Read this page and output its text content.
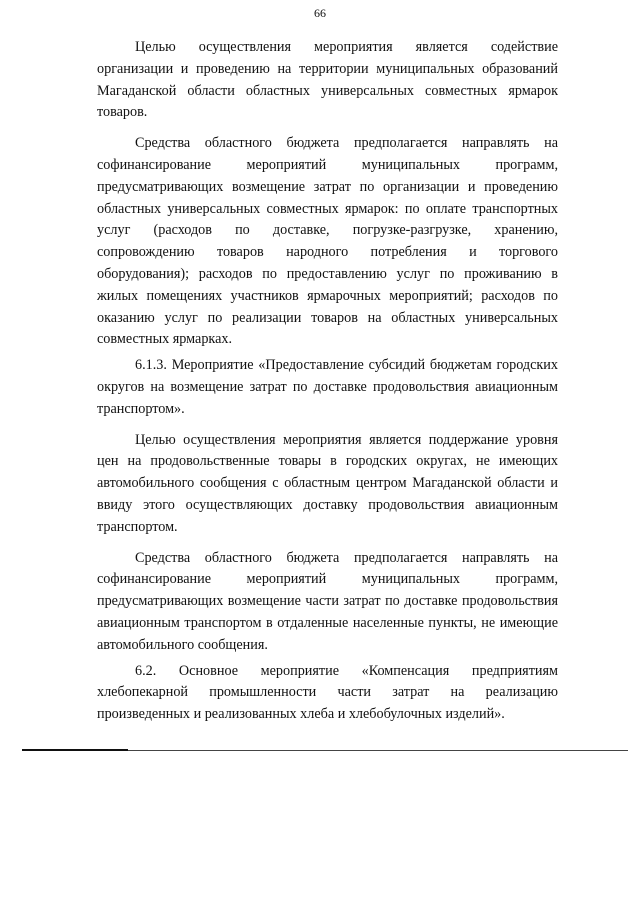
66

Целью осуществления мероприятия является содействие организации и проведению на территории муниципальных образований Магаданской области областных универсальных совместных ярмарок товаров.

Средства областного бюджета предполагается направлять на софинансирование мероприятий муниципальных программ, предусматривающих возмещение затрат по организации и проведению областных универсальных совместных ярмарок: по оплате транспортных услуг (расходов по доставке, погрузке-разгрузке, хранению, сопровождению товаров народного потребления и торгового оборудования); расходов по предоставлению услуг по проживанию в жилых помещениях участников ярмарочных мероприятий; расходов по оказанию услуг по реализации товаров на областных универсальных совместных ярмарках.

6.1.3. Мероприятие «Предоставление субсидий бюджетам городских округов на возмещение затрат по доставке продовольствия авиационным транспортом».

Целью осуществления мероприятия является поддержание уровня цен на продовольственные товары в городских округах, не имеющих автомобильного сообщения с областным центром Магаданской области и ввиду этого осуществляющих доставку продовольствия авиационным транспортом.

Средства областного бюджета предполагается направлять на софинансирование мероприятий муниципальных программ, предусматривающих возмещение части затрат по доставке продовольствия авиационным транспортом в отдаленные населенные пункты, не имеющие автомобильного сообщения.

6.2. Основное мероприятие «Компенсация предприятиям хлебопекарной промышленности части затрат на реализацию произведенных и реализованных хлеба и хлебобулочных изделий».
